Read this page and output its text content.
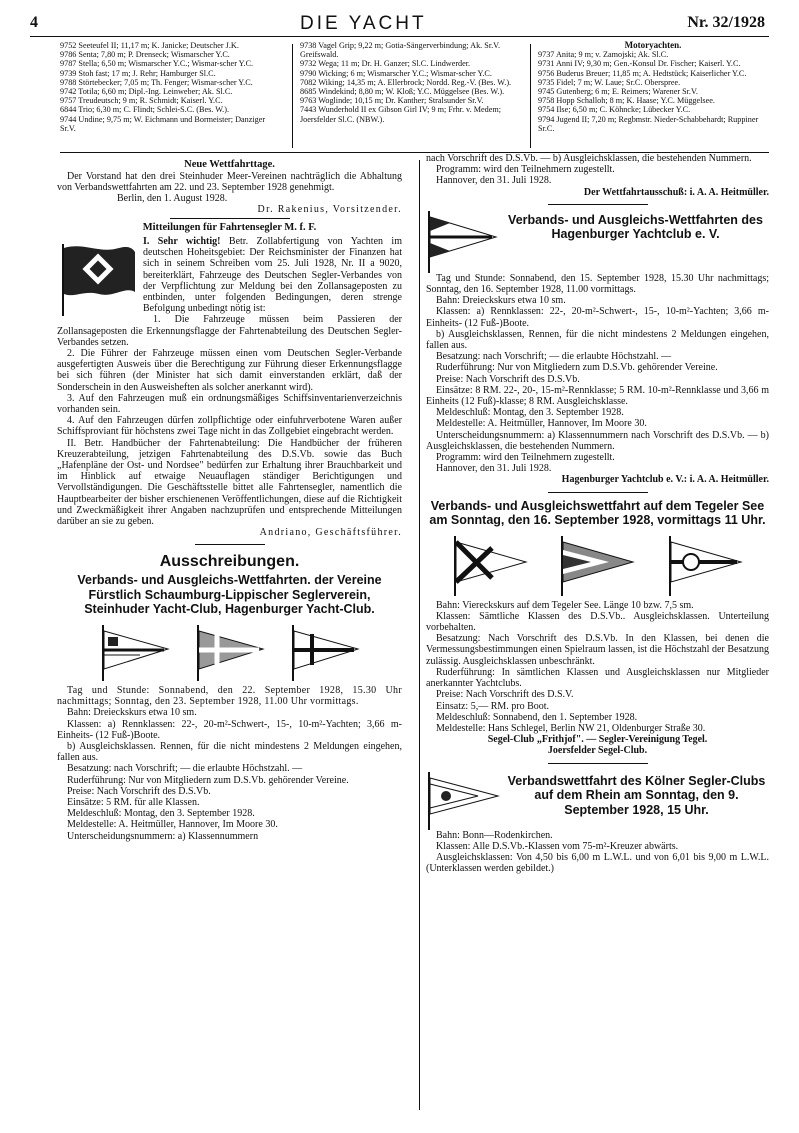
4	DIE YACHT	Nr. 32/1928
9752 Seeteufel II; 11,17 m; K. Janicke; Deutscher J.K.
9786 Senta; 7,80 m; P. Drenseck; Wismarscher Y.C.
9787 Stella; 6,50 m; Wismarscher Y.C.; Wismar-scher Y.C.
9739 Stoh fast; 17 m; J. Rehr; Hamburger Sl.C.
9788 Störtebecker; 7,05 m; Th. Fenger; Wismar-scher Y.C.
9742 Totila; 6,60 m; Dipl.-Ing. Leinweber; Ak. Sl.C.
9757 Treudeutsch; 9 m; R. Schmidt; Kaiserl. Y.C.
6844 Trio; 6,30 m; C. Flindt; Schlei-S.C. (Bes. W.).
9744 Undine; 9,75 m; W. Eichmann und Bormeister; Danziger Sr.V.
9738 Vagel Grip; 9,22 m; Gotia-Sängerverbindung; Ak. Sr.V. Greifswald.
9732 Wega; 11 m; Dr. H. Ganzer; Sl.C. Lindwerder.
9790 Wicking; 6 m; Wismarscher Y.C.; Wismar-scher Y.C.
7082 Wiking; 14,35 m; A. Ellerbrock; Nordd. Reg.-V. (Bes. W.).
8685 Windekind; 8,80 m; W. Kloß; Y.C. Müggelsee (Bes. W.).
9763 Woglinde; 10,15 m; Dr. Kanther; Stralsunder Sr.V.
7443 Wunderhold II ex Gibson Girl IV; 9 m; Frhr. v. Medem; Joersfelder Sl.C. (NBW.).
Motoryachten.
9737 Anita; 9 m; v. Zamojski; Ak. Sl.C.
9731 Anni IV; 9,30 m; Gen.-Konsul Dr. Fischer; Kaiserl. Y.C.
9756 Buderus Breuer; 11,85 m; A. Hedtstück; Kaiserlicher Y.C.
9735 Fidel; 7 m; W. Laue; Sr.C. Oberspree.
9745 Gutenberg; 6 m; E. Reimers; Warener Sr.V.
9758 Hopp Schalloh; 8 m; K. Haase; Y.C. Müggelsee.
9754 Ilse; 6,50 m; C. Köhncke; Lübecker Y.C.
9794 Jugend II; 7,20 m; Regbmstr. Nieder-Schabbehardt; Ruppiner Sr.C.
Neue Wettfahrttage.

Der Vorstand hat den drei Steinhuder Meer-Vereinen nachträglich die Abhaltung von Verbandswettfahrten am 22. und 23. September 1928 genehmigt.

Berlin, den 1. August 1928.

Dr. Rakenius, Vorsitzender.

Mitteilungen für Fahrtensegler M. f. F.

I. Sehr wichtig! Betr. Zollabfertigung von Yachten im deutschen Hoheitsgebiet: Der Reichsminister der Finanzen hat sich in seinem Schreiben vom 25. Juli 1928, Nr. II a 9020, bereiterklärt, Fahrzeuge des Deutschen Segler-Verbandes von der Verpflichtung zur Meldung bei den Zollansageposten zu entbinden, unter folgenden Bedingungen, deren strenge Befolgung unbedingt nötig ist:

1. Die Fahrzeuge müssen beim Passieren der Zollansageposten die Erkennungsflagge der Fahrtenabteilung des Deutschen Segler-Verbandes setzen.

2. Die Führer der Fahrzeuge müssen einen vom Deutschen Segler-Verbande ausgefertigten Ausweis über die Berechtigung zur Führung dieser Erkennungsflagge bei sich führen (der Minister hat sich damit einverstanden erklärt, daß der Sonderschein in den Ausweisheften als solcher anerkannt wird).

3. Auf den Fahrzeugen muß ein ordnungsmäßiges Schiffsinventarienverzeichnis vorhanden sein.

4. Auf den Fahrzeugen dürfen zollpflichtige oder einfuhrverbotene Waren außer Schiffsproviant für höchstens zwei Tage nicht in das Zollgebiet eingebracht werden.

II. Betr. Handbücher der Fahrtenabteilung: Die Handbücher der früheren Kreuzerabteilung, jetzigen Fahrtenabteilung des D.S.Vb. sowie das Buch „Hafenpläne der Ost- und Nordsee" bedürfen zur Erhaltung ihrer Brauchbarkeit und im Hinblick auf etwaige Neuauflagen ständiger Berichtigungen und Vervollständigungen. Die Geschäftsstelle bittet alle Fahrtensegler, namentlich die Hauptbearbeiter der bisher erschienenen Veröffentlichungen, diese auf die Richtigkeit und Zweckmäßigkeit ihrer Angaben nachzuprüfen und entsprechende Mitteilungen darüber an sie zu geben.

Andriano, Geschäftsführer.

Ausschreibungen.
Verbands- und Ausgleichs-Wettfahrten. der Vereine Fürstlich Schaumburg-Lippischer Seglerverein, Steinhuder Yacht-Club, Hagenburger Yacht-Club.

Tag und Stunde: Sonnabend, den 22. September 1928, 15.30 Uhr nachmittags; Sonntag, den 23. September 1928, 11.00 Uhr vormittags.

Bahn: Dreieckskurs etwa 10 sm.

Klassen: a) Rennklassen: 22-, 20-m²-Schwert-, 15-, 10-m²-Yachten; 3,66 m-Einheits- (12 Fuß-)Boote.

b) Ausgleichsklassen. Rennen, für die nicht mindestens 2 Meldungen eingehen, fallen aus.

Besatzung: nach Vorschrift; — die erlaubte Höchstzahl. —

Ruderführung: Nur von Mitgliedern zum D.S.Vb. gehörender Vereine.

Preise: Nach Vorschrift des D.S.Vb.

Einsätze: 5 RM. für alle Klassen.

Meldeschluß: Montag, den 3. September 1928.

Meldestelle: A. Heitmüller, Hannover, Im Moore 30.

Unterscheidungsnummern: a) Klassennummern

nach Vorschrift des D.S.Vb. — b) Ausgleichsklassen, die bestehenden Nummern.

Programm: wird den Teilnehmern zugestellt.

Hannover, den 31. Juli 1928.

Der Wettfahrtausschuß: i. A. A. Heitmüller.

Verbands- und Ausgleichs-Wettfahrten des Hagenburger Yachtclub e. V.

Tag und Stunde: Sonnabend, den 15. September 1928, 15.30 Uhr nachmittags; Sonntag, den 16. September 1928, 11.00 vormittags.

Bahn: Dreieckskurs etwa 10 sm.

Klassen: a) Rennklassen: 22-, 20-m²-Schwert-, 15-, 10-m²-Yachten; 3,66 m-Einheits- (12 Fuß-)Boote.

b) Ausgleichsklassen, Rennen, für die nicht mindestens 2 Meldungen eingehen, fallen aus.

Besatzung: nach Vorschrift; — die erlaubte Höchstzahl. —

Ruderführung: Nur von Mitgliedern zum D.S.Vb. gehörender Vereine.

Preise: Nach Vorschrift des D.S.Vb.

Einsätze: 8 RM. 22-, 20-, 15-m²-Rennklasse; 5 RM. 10-m²-Rennklasse und 3,66 m Einheits (12 Fuß)-klasse; 8 RM. Ausgleichsklasse.

Meldeschluß: Montag, den 3. September 1928.

Meldestelle: A. Heitmüller, Hannover, Im Moore 30.

Unterscheidungsnummern: a) Klassennummern nach Vorschrift des D.S.Vb. — b) Ausgleichsklassen, die bestehenden Nummern.

Programm: wird den Teilnehmern zugestellt.

Hannover, den 31. Juli 1928.

Hagenburger Yachtclub e. V.: i. A. A. Heitmüller.

Verbands- und Ausgleichswettfahrt auf dem Tegeler See am Sonntag, den 16. September 1928, vormittags 11 Uhr.

Bahn: Viereckskurs auf dem Tegeler See. Länge 10 bzw. 7,5 sm.

Klassen: Sämtliche Klassen des D.S.Vb.. Ausgleichsklassen. Unterteilung vorbehalten.

Besatzung: Nach Vorschrift des D.S.Vb. In den Klassen, bei denen die Vermessungsbestimmungen einen Spielraum lassen, ist die Höchstzahl der Besatzung zulässig. Ausgleichsklassen unbeschränkt.

Ruderführung: In sämtlichen Klassen und Ausgleichsklassen nur Mitglieder anerkannter Yachtclubs.

Preise: Nach Vorschrift des D.S.V.

Einsatz: 5,— RM. pro Boot.

Meldeschluß: Sonnabend, den 1. September 1928.

Meldestelle: Hans Schlegel, Berlin NW 21, Oldenburger Straße 30.

Segel-Club „Frithjof". — Segler-Vereinigung Tegel.

Joersfelder Segel-Club.

Verbandswettfahrt des Kölner Segler-Clubs auf dem Rhein am Sonntag, den 9. September 1928, 15 Uhr.

Bahn: Bonn—Rodenkirchen.

Klassen: Alle D.S.Vb.-Klassen vom 75-m²-Kreuzer abwärts.

Ausgleichsklassen: Von 4,50 bis 6,00 m L.W.L. und von 6,01 bis 9,00 m L.W.L. (Unterklassen werden gebildet.)
